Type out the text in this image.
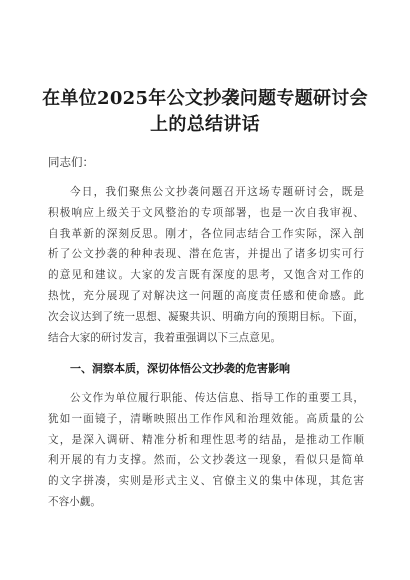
在单位2025年公文抄袭问题专题研讨会
上的总结讲话
同志们：
今日，我们聚焦公文抄袭问题召开这场专题研讨会，既是
积极响应上级关于文风整治的专项部署，也是一次自我审视、
自我革新的深刻反思。刚才，各位同志结合工作实际，深入剖
析了公文抄袭的种种表现、潜在危害，并提出了诸多切实可行
的意见和建议。大家的发言既有深度的思考，又饱含对工作的
热忱，充分展现了对解决这一问题的高度责任感和使命感。此
次会议达到了统一思想、凝聚共识、明确方向的预期目标。下面，
结合大家的研讨发言，我着重强调以下三点意见。
一、洞察本质，深切体悟公文抄袭的危害影响
公文作为单位履行职能、传达信息、指导工作的重要工具，
犹如一面镜子，清晰映照出工作作风和治理效能。高质量的公
文，是深入调研、精准分析和理性思考的结晶，是推动工作顺
利开展的有力支撑。然而，公文抄袭这一现象，看似只是简单
的文字拼凑，实则是形式主义、官僚主义的集中体现，其危害
不容小觑。
